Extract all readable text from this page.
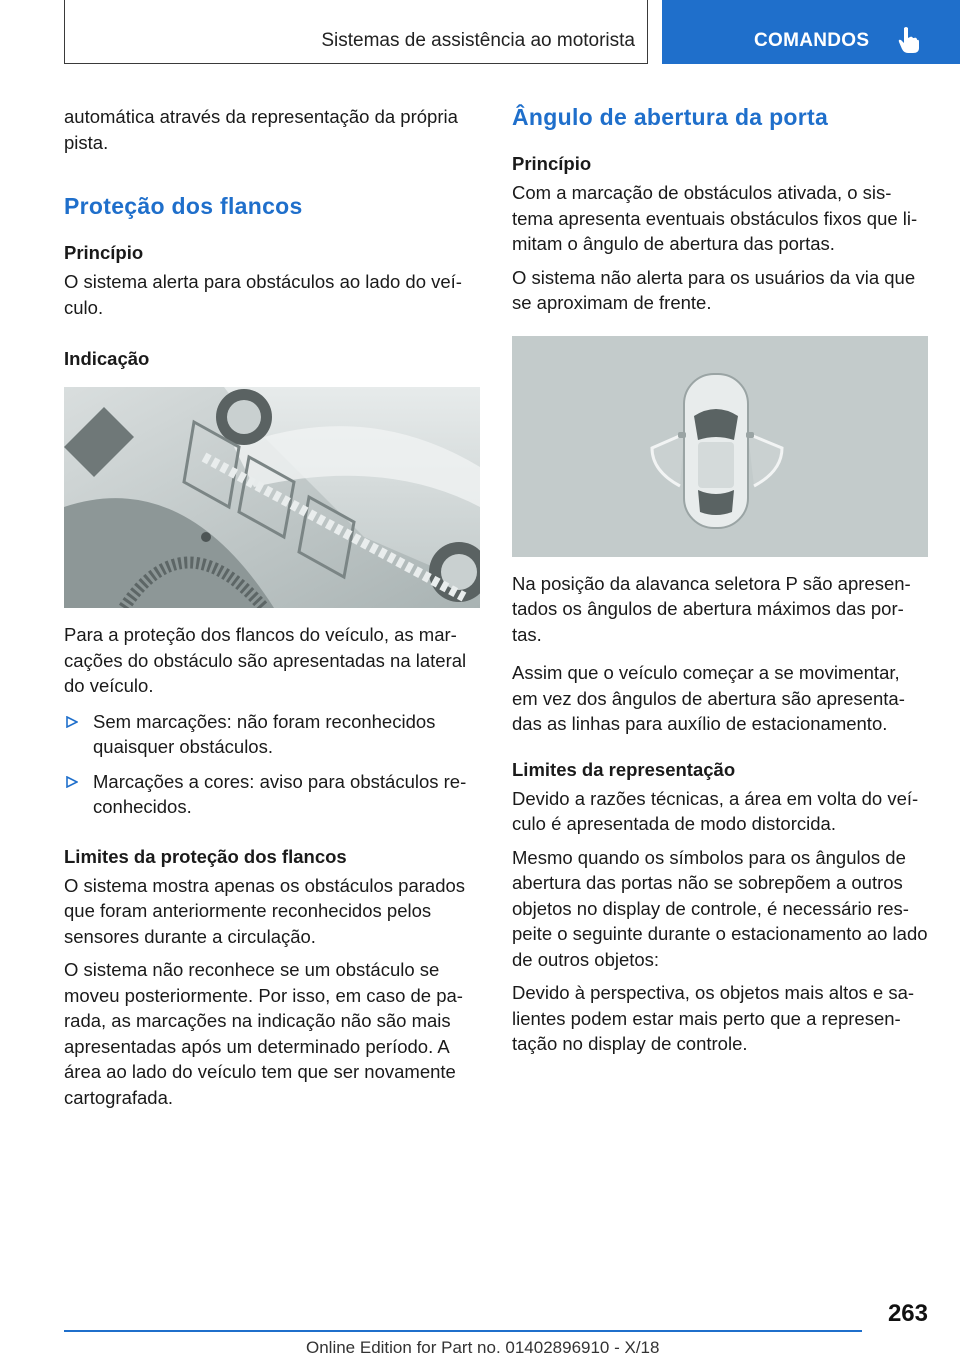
Sistemas de assistência ao motorista	COMANDOS

automática através da representação da própria pista.

Proteção dos flancos
Princípio

O sistema alerta para obstáculos ao lado do veí-culo.

Indicação

Para a proteção dos flancos do veículo, as mar-cações do obstáculo são apresentadas na lateral do veículo.

Sem marcações: não foram reconhecidos quaisquer obstáculos.

Marcações a cores: aviso para obstáculos re-conhecidos.

Limites da proteção dos flancos

O sistema mostra apenas os obstáculos parados que foram anteriormente reconhecidos pelos sensores durante a circulação.

O sistema não reconhece se um obstáculo se moveu posteriormente. Por isso, em caso de pa-rada, as marcações na indicação não são mais apresentadas após um determinado período. A área ao lado do veículo tem que ser novamente cartografada.

Ângulo de abertura da porta
Princípio

Com a marcação de obstáculos ativada, o sis-tema apresenta eventuais obstáculos fixos que li-mitam o ângulo de abertura das portas.

O sistema não alerta para os usuários da via que se aproximam de frente.

Na posição da alavanca seletora P são apresen-tados os ângulos de abertura máximos das por-tas.

Assim que o veículo começar a se movimentar, em vez dos ângulos de abertura são apresenta-das as linhas para auxílio de estacionamento.

Limites da representação

Devido a razões técnicas, a área em volta do veí-culo é apresentada de modo distorcida.

Mesmo quando os símbolos para os ângulos de abertura das portas não se sobrepõem a outros objetos no display de controle, é necessário res-peite o seguinte durante o estacionamento ao lado de outros objetos:

Devido à perspectiva, os objetos mais altos e sa-lientes podem estar mais perto que a represen-tação no display de controle.

263
Online Edition for Part no. 01402896910 - X/18
